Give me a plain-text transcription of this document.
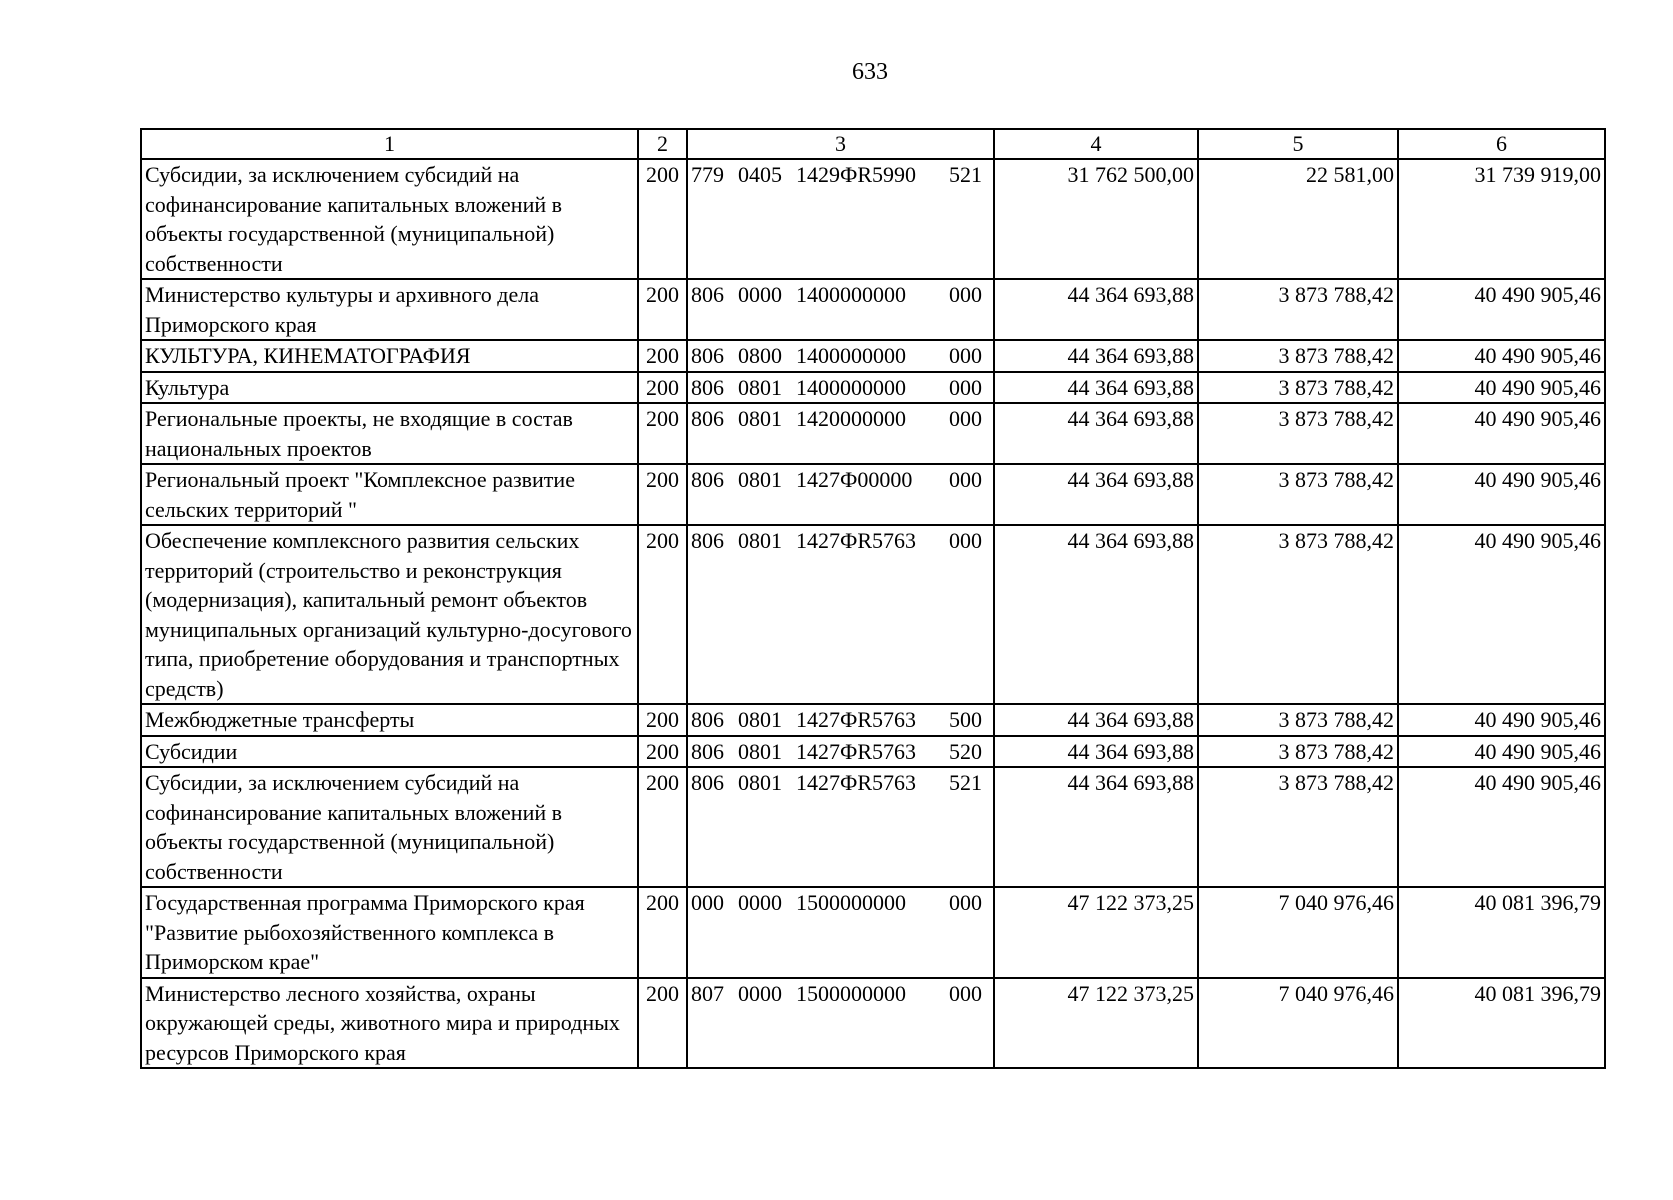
633
1	2	3	4	5	6
Субсидии, за исключением субсидий на софинансирование капитальных вложений в объекты государственной (муниципальной) собственности	200	779 0405 1429ФR5990 521	31 762 500,00	22 581,00	31 739 919,00
Министерство культуры и архивного дела Приморского края	200	806 0000 1400000000 000	44 364 693,88	3 873 788,42	40 490 905,46
КУЛЬТУРА, КИНЕМАТОГРАФИЯ	200	806 0800 1400000000 000	44 364 693,88	3 873 788,42	40 490 905,46
Культура	200	806 0801 1400000000 000	44 364 693,88	3 873 788,42	40 490 905,46
Региональные проекты, не входящие в состав национальных проектов	200	806 0801 1420000000 000	44 364 693,88	3 873 788,42	40 490 905,46
Региональный проект "Комплексное развитие сельских территорий "	200	806 0801 1427Ф00000 000	44 364 693,88	3 873 788,42	40 490 905,46
Обеспечение комплексного развития сельских территорий (строительство и реконструкция (модернизация), капитальный ремонт объектов муниципальных организаций культурно-досугового типа, приобретение оборудования и транспортных средств)	200	806 0801 1427ФR5763 000	44 364 693,88	3 873 788,42	40 490 905,46
Межбюджетные трансферты	200	806 0801 1427ФR5763 500	44 364 693,88	3 873 788,42	40 490 905,46
Субсидии	200	806 0801 1427ФR5763 520	44 364 693,88	3 873 788,42	40 490 905,46
Субсидии, за исключением субсидий на софинансирование капитальных вложений в объекты государственной (муниципальной) собственности	200	806 0801 1427ФR5763 521	44 364 693,88	3 873 788,42	40 490 905,46
Государственная программа Приморского края "Развитие рыбохозяйственного комплекса в Приморском крае"	200	000 0000 1500000000 000	47 122 373,25	7 040 976,46	40 081 396,79
Министерство лесного хозяйства, охраны окружающей среды, животного мира и природных ресурсов Приморского края	200	807 0000 1500000000 000	47 122 373,25	7 040 976,46	40 081 396,79
